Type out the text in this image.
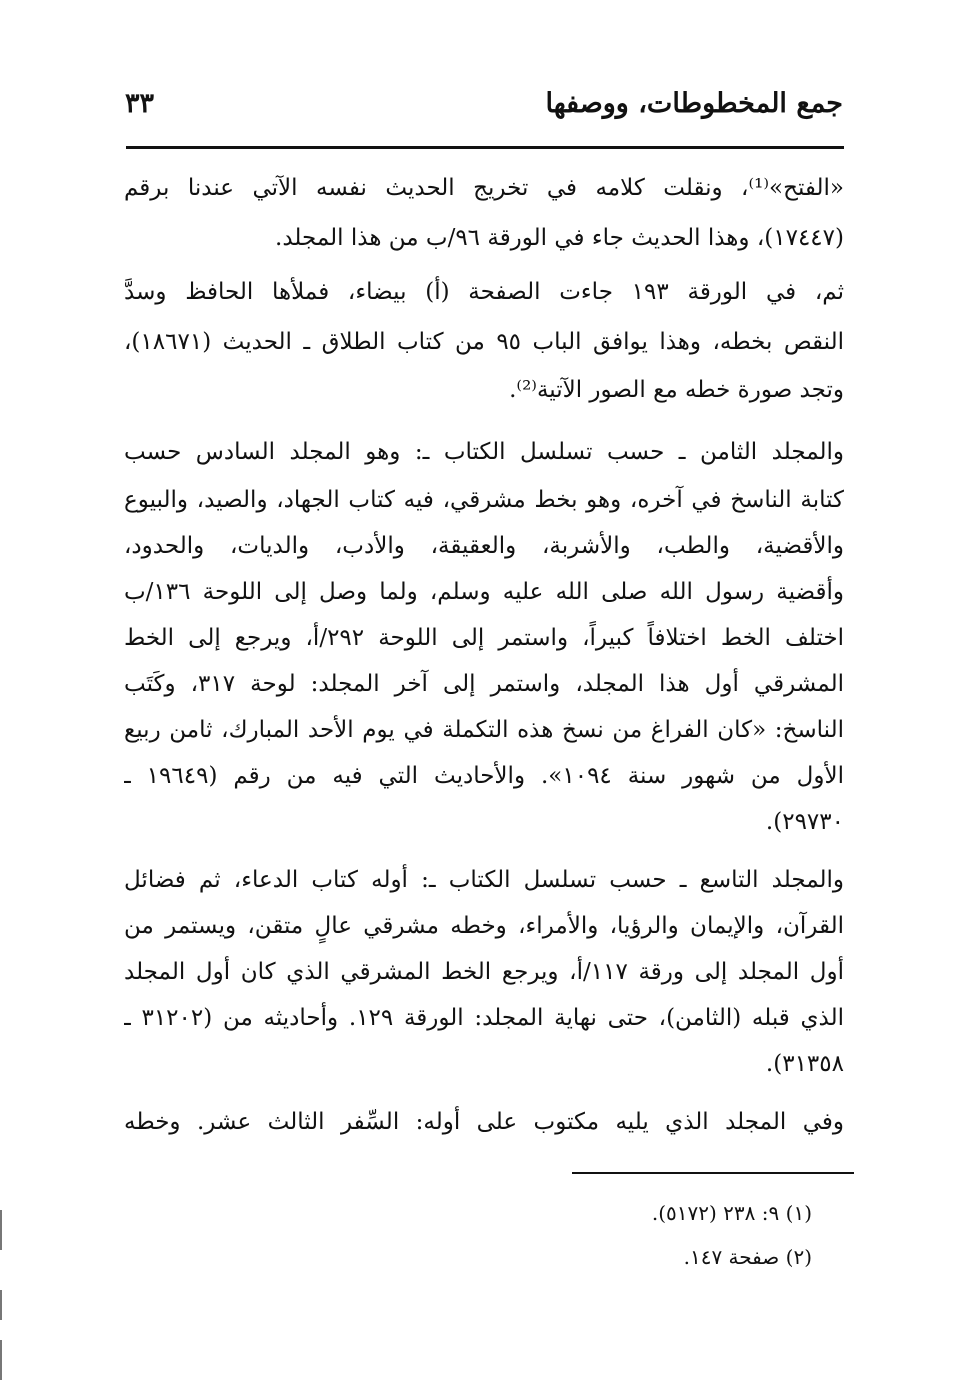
جمع المخطوطات، ووصفها
٣٣
«الفتح»⁽¹⁾، ونقلت كلامه في تخريج الحديث نفسه الآتي عندنا برقم
(١٧٤٤٧)، وهذا الحديث جاء في الورقة ٩٦/ب من هذا المجلد.
ثم، في الورقة ١٩٣ جاءت الصفحة (أ) بيضاء، فملأها الحافظ وسدَّ
النقص بخطه، وهذا يوافق الباب ٩٥ من كتاب الطلاق ـ الحديث (١٨٦٧١)،
وتجد صورة خطه مع الصور الآتية⁽²⁾.
والمجلد الثامن ـ حسب تسلسل الكتاب ـ: وهو المجلد السادس حسب
كتابة الناسخ في آخره، وهو بخط مشرقي، فيه كتاب الجهاد، والصيد، والبيوع
والأقضية، والطب، والأشربة، والعقيقة، والأدب، والديات، والحدود،
وأقضية رسول الله صلى الله عليه وسلم، ولما وصل إلى اللوحة ١٣٦/ب
اختلف الخط اختلافاً كبيراً، واستمر إلى اللوحة ٢٩٢/أ، ويرجع إلى الخط
المشرقي أول هذا المجلد، واستمر إلى آخر المجلد: لوحة ٣١٧، وكَتَب
الناسخ: «كان الفراغ من نسخ هذه التكملة في يوم الأحد المبارك، ثامن ربيع
الأول من شهور سنة ١٠٩٤». والأحاديث التي فيه من رقم (١٩٦٤٩ ـ
٢٩٧٣٠).
والمجلد التاسع ـ حسب تسلسل الكتاب ـ: أوله كتاب الدعاء، ثم فضائل
القرآن، والإيمان والرؤيا، والأمراء، وخطه مشرقي عالٍ متقن، ويستمر من
أول المجلد إلى ورقة ١١٧/أ، ويرجع الخط المشرقي الذي كان أول المجلد
الذي قبله (الثامن)، حتى نهاية المجلد: الورقة ١٢٩. وأحاديثه من (٣١٢٠٢ ـ
٣١٣٥٨).
وفي المجلد الذي يليه مكتوب على أوله: السِّفر الثالث عشر. وخطه
(١) ٩: ٢٣٨ (٥١٧٢).
(٢) صفحة ١٤٧.
